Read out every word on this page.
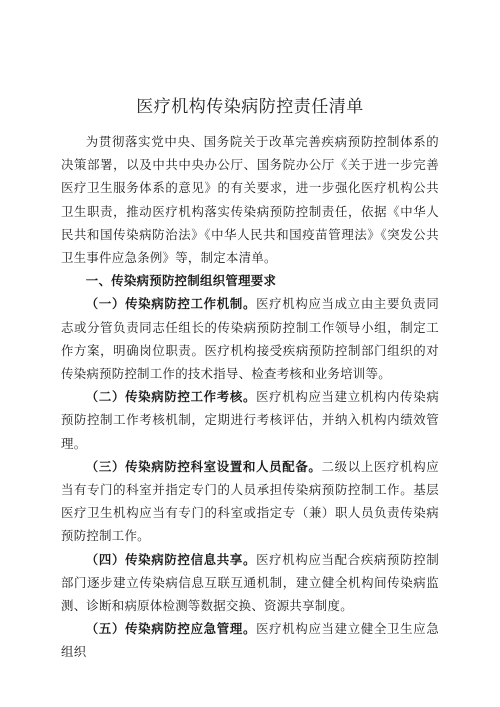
医疗机构传染病防控责任清单

为贯彻落实党中央、国务院关于改革完善疾病预防控制体系的决策部署，以及中共中央办公厅、国务院办公厅《关于进一步完善医疗卫生服务体系的意见》的有关要求，进一步强化医疗机构公共卫生职责，推动医疗机构落实传染病预防控制责任，依据《中华人民共和国传染病防治法》《中华人民共和国疫苗管理法》《突发公共卫生事件应急条例》等，制定本清单。

一、传染病预防控制组织管理要求

（一）传染病防控工作机制。医疗机构应当成立由主要负责同志或分管负责同志任组长的传染病预防控制工作领导小组，制定工作方案，明确岗位职责。医疗机构接受疾病预防控制部门组织的对传染病预防控制工作的技术指导、检查考核和业务培训等。

（二）传染病防控工作考核。医疗机构应当建立机构内传染病预防控制工作考核机制，定期进行考核评估，并纳入机构内绩效管理。

（三）传染病防控科室设置和人员配备。二级以上医疗机构应当有专门的科室并指定专门的人员承担传染病预防控制工作。基层医疗卫生机构应当有专门的科室或指定专（兼）职人员负责传染病预防控制工作。

（四）传染病防控信息共享。医疗机构应当配合疾病预防控制部门逐步建立传染病信息互联互通机制，建立健全机构间传染病监测、诊断和病原体检测等数据交换、资源共享制度。

（五）传染病防控应急管理。医疗机构应当建立健全卫生应急组织
